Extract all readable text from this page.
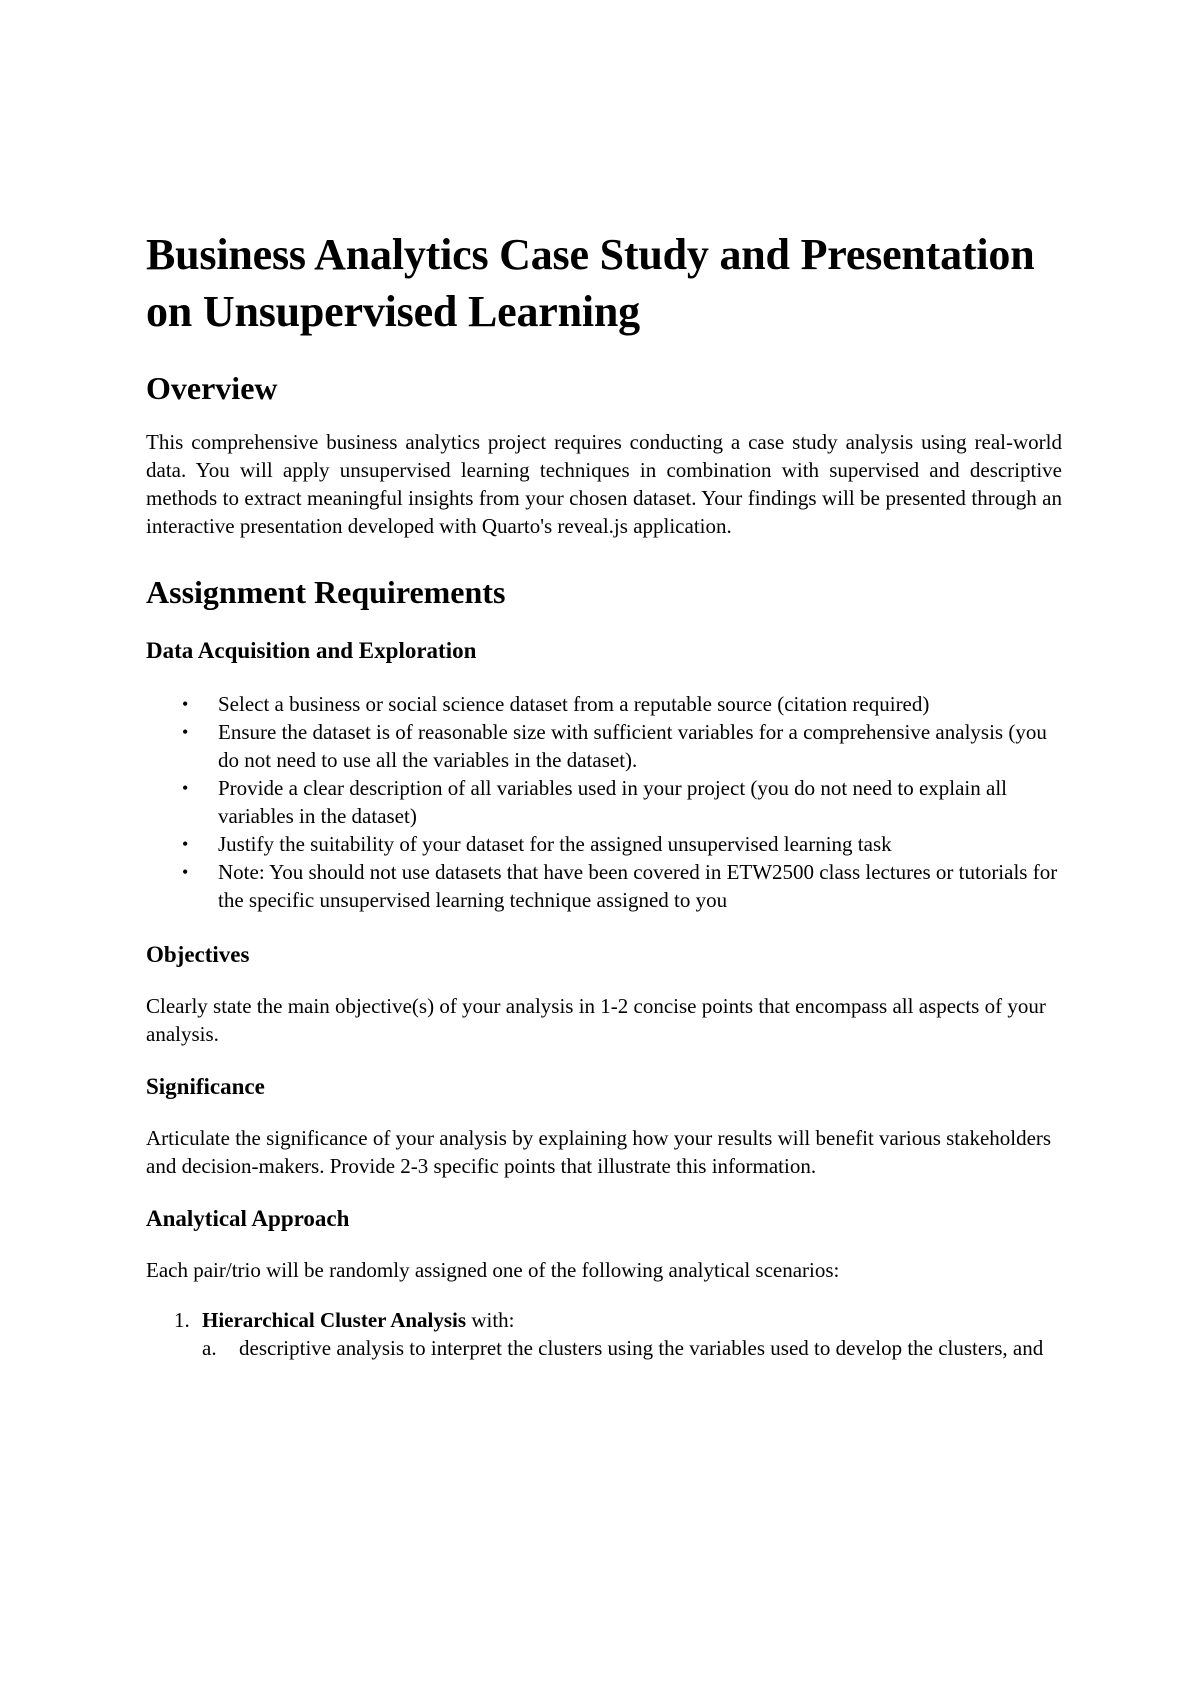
Business Analytics Case Study and Presentation on Unsupervised Learning
Overview

This comprehensive business analytics project requires conducting a case study analysis using real-world data. You will apply unsupervised learning techniques in combination with supervised and descriptive methods to extract meaningful insights from your chosen dataset. Your findings will be presented through an interactive presentation developed with Quarto's reveal.js application.

Assignment Requirements
Data Acquisition and Exploration
• Select a business or social science dataset from a reputable source (citation required)
• Ensure the dataset is of reasonable size with sufficient variables for a comprehensive analysis (you do not need to use all the variables in the dataset).
• Provide a clear description of all variables used in your project (you do not need to explain all variables in the dataset)
• Justify the suitability of your dataset for the assigned unsupervised learning task
• Note: You should not use datasets that have been covered in ETW2500 class lectures or tutorials for the specific unsupervised learning technique assigned to you
Objectives

Clearly state the main objective(s) of your analysis in 1-2 concise points that encompass all aspects of your analysis.

Significance

Articulate the significance of your analysis by explaining how your results will benefit various stakeholders and decision-makers. Provide 2-3 specific points that illustrate this information.

Analytical Approach

Each pair/trio will be randomly assigned one of the following analytical scenarios:

1. Hierarchical Cluster Analysis with:
a. descriptive analysis to interpret the clusters using the variables used to develop the clusters, and
